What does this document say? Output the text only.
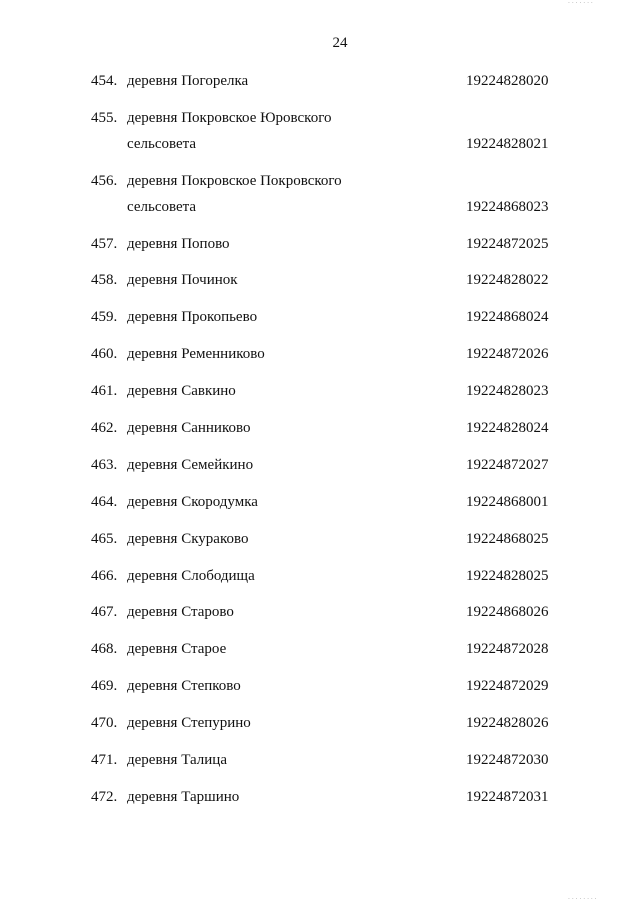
24
454. деревня Погорелка	19224828020
455. деревня Покровское Юровского
сельсовета	19224828021
456. деревня Покровское Покровского
сельсовета	19224868023
457. деревня Попово	19224872025
458. деревня Починок	19224828022
459. деревня Прокопьево	19224868024
460. деревня Ременниково	19224872026
461. деревня Савкино	19224828023
462. деревня Санниково	19224828024
463. деревня Семейкино	19224872027
464. деревня Скородумка	19224868001
465. деревня Скураково	19224868025
466. деревня Слободища	19224828025
467. деревня Старово	19224868026
468. деревня Старое	19224872028
469. деревня Степково	19224872029
470. деревня Степурино	19224828026
471. деревня Талица	19224872030
472. деревня Таршино	19224872031
· · · · · · ·
· · · · · · · ·
